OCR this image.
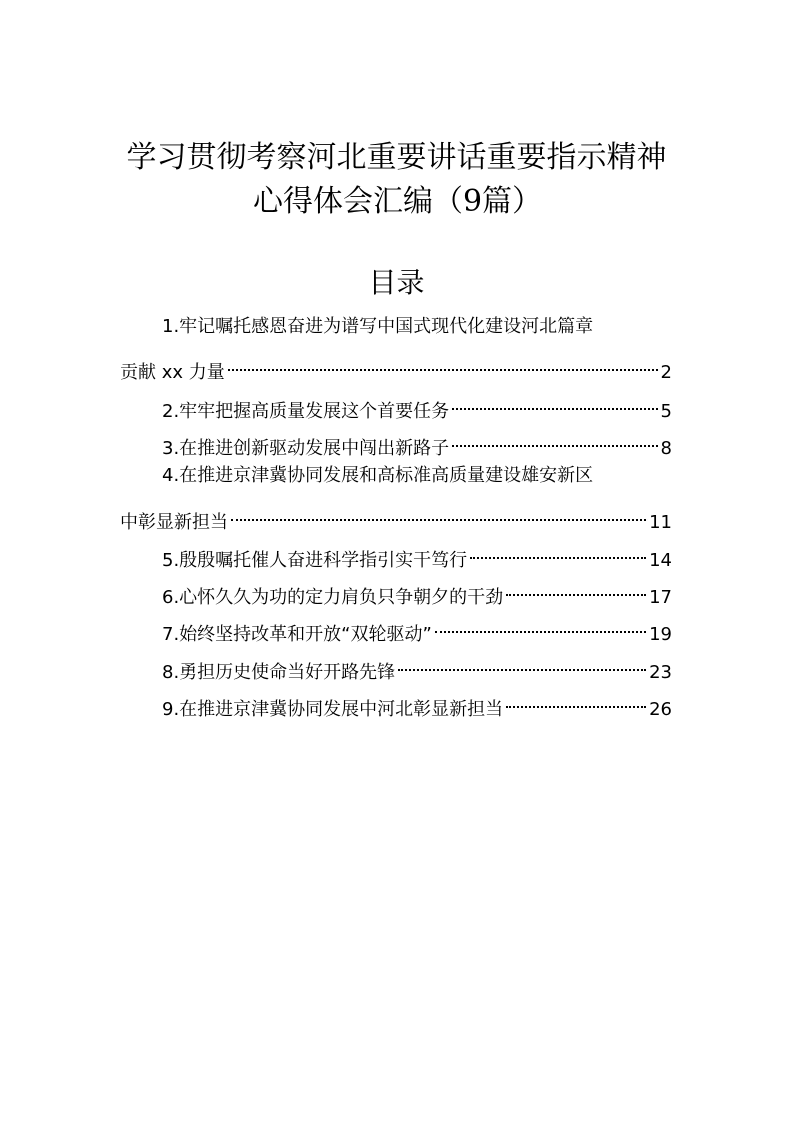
学习贯彻考察河北重要讲话重要指示精神
心得体会汇编（9篇）
目录
1.牢记嘱托感恩奋进为谱写中国式现代化建设河北篇章
贡献 xx 力量	2
2.牢牢把握高质量发展这个首要任务	5
3.在推进创新驱动发展中闯出新路子	8
4.在推进京津冀协同发展和高标准高质量建设雄安新区
中彰显新担当	11
5.殷殷嘱托催人奋进科学指引实干笃行	14
6.心怀久久为功的定力肩负只争朝夕的干劲	17
7.始终坚持改革和开放“双轮驱动”	19
8.勇担历史使命当好开路先锋	23
9.在推进京津冀协同发展中河北彰显新担当	26
